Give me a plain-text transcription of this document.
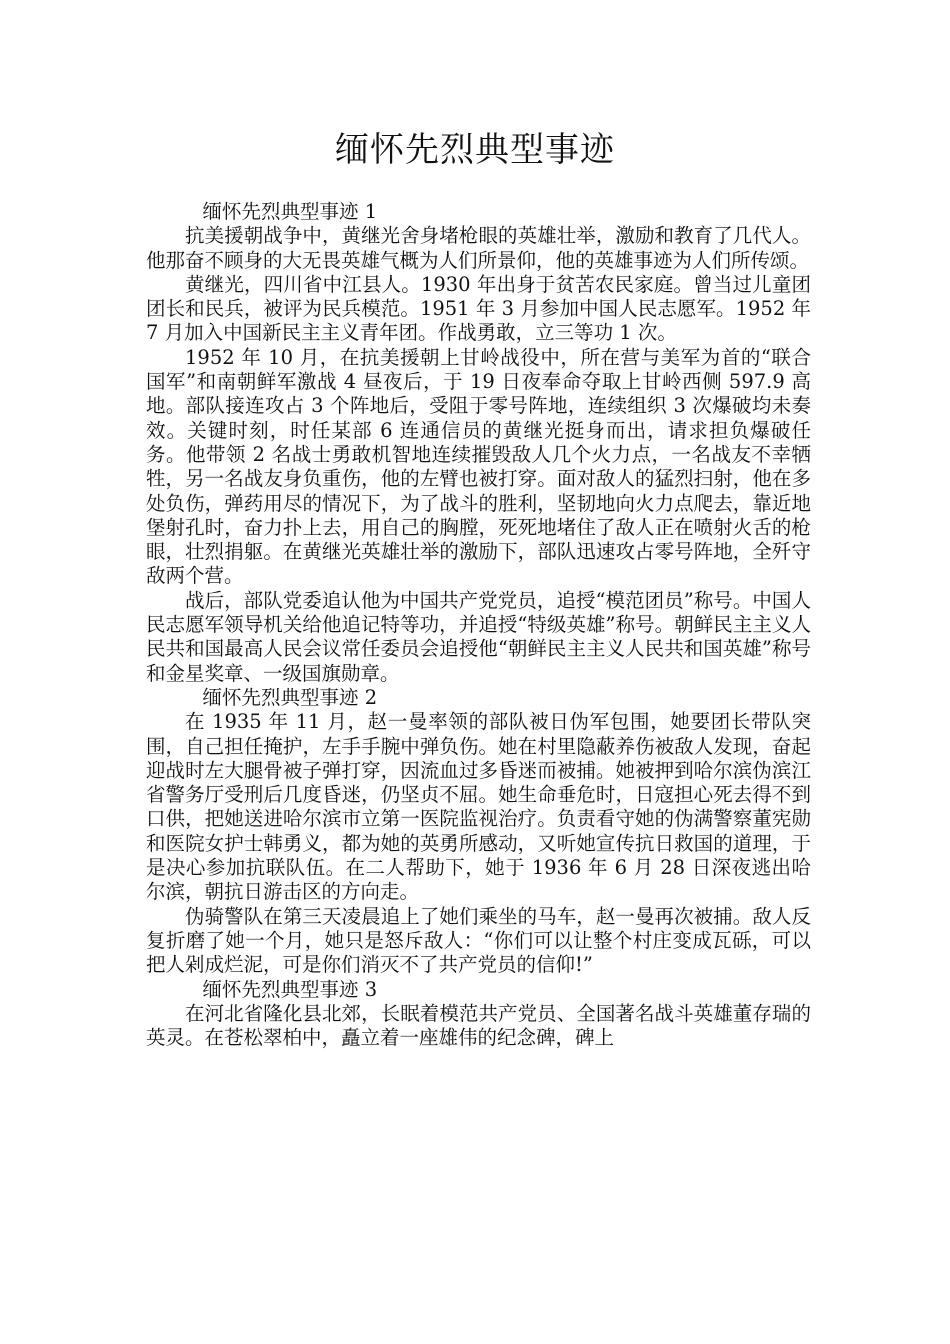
缅怀先烈典型事迹

缅怀先烈典型事迹 1

抗美援朝战争中，黄继光舍身堵枪眼的英雄壮举，激励和教育了几代人。他那奋不顾身的大无畏英雄气概为人们所景仰，他的英雄事迹为人们所传颂。

黄继光，四川省中江县人。1930 年出身于贫苦农民家庭。曾当过儿童团团长和民兵，被评为民兵模范。1951 年 3 月参加中国人民志愿军。1952 年 7 月加入中国新民主主义青年团。作战勇敢，立三等功 1 次。

1952 年 10 月，在抗美援朝上甘岭战役中，所在营与美军为首的“联合国军”和南朝鲜军激战 4 昼夜后，于 19 日夜奉命夺取上甘岭西侧 597.9 高地。部队接连攻占 3 个阵地后，受阻于零号阵地，连续组织 3 次爆破均未奏效。关键时刻，时任某部 6 连通信员的黄继光挺身而出，请求担负爆破任务。他带领 2 名战士勇敢机智地连续摧毁敌人几个火力点，一名战友不幸牺牲，另一名战友身负重伤，他的左臂也被打穿。面对敌人的猛烈扫射，他在多处负伤，弹药用尽的情况下，为了战斗的胜利，坚韧地向火力点爬去，靠近地堡射孔时，奋力扑上去，用自己的胸膛，死死地堵住了敌人正在喷射火舌的枪眼，壮烈捐躯。在黄继光英雄壮举的激励下，部队迅速攻占零号阵地，全歼守敌两个营。

战后，部队党委追认他为中国共产党党员，追授“模范团员”称号。中国人民志愿军领导机关给他追记特等功，并追授“特级英雄”称号。朝鲜民主主义人民共和国最高人民会议常任委员会追授他“朝鲜民主主义人民共和国英雄”称号和金星奖章、一级国旗勋章。

缅怀先烈典型事迹 2

在 1935 年 11 月，赵一曼率领的部队被日伪军包围，她要团长带队突围，自己担任掩护，左手手腕中弹负伤。她在村里隐蔽养伤被敌人发现，奋起迎战时左大腿骨被子弹打穿，因流血过多昏迷而被捕。她被押到哈尔滨伪滨江省警务厅受刑后几度昏迷，仍坚贞不屈。她生命垂危时，日寇担心死去得不到口供，把她送进哈尔滨市立第一医院监视治疗。负责看守她的伪满警察董宪勋和医院女护士韩勇义，都为她的英勇所感动，又听她宣传抗日救国的道理，于是决心参加抗联队伍。在二人帮助下，她于 1936 年 6 月 28 日深夜逃出哈尔滨，朝抗日游击区的方向走。

伪骑警队在第三天凌晨追上了她们乘坐的马车，赵一曼再次被捕。敌人反复折磨了她一个月，她只是怒斥敌人：“你们可以让整个村庄变成瓦砾，可以把人剁成烂泥，可是你们消灭不了共产党员的信仰!”

缅怀先烈典型事迹 3

在河北省隆化县北郊，长眠着模范共产党员、全国著名战斗英雄董存瑞的英灵。在苍松翠柏中，矗立着一座雄伟的纪念碑，碑上
